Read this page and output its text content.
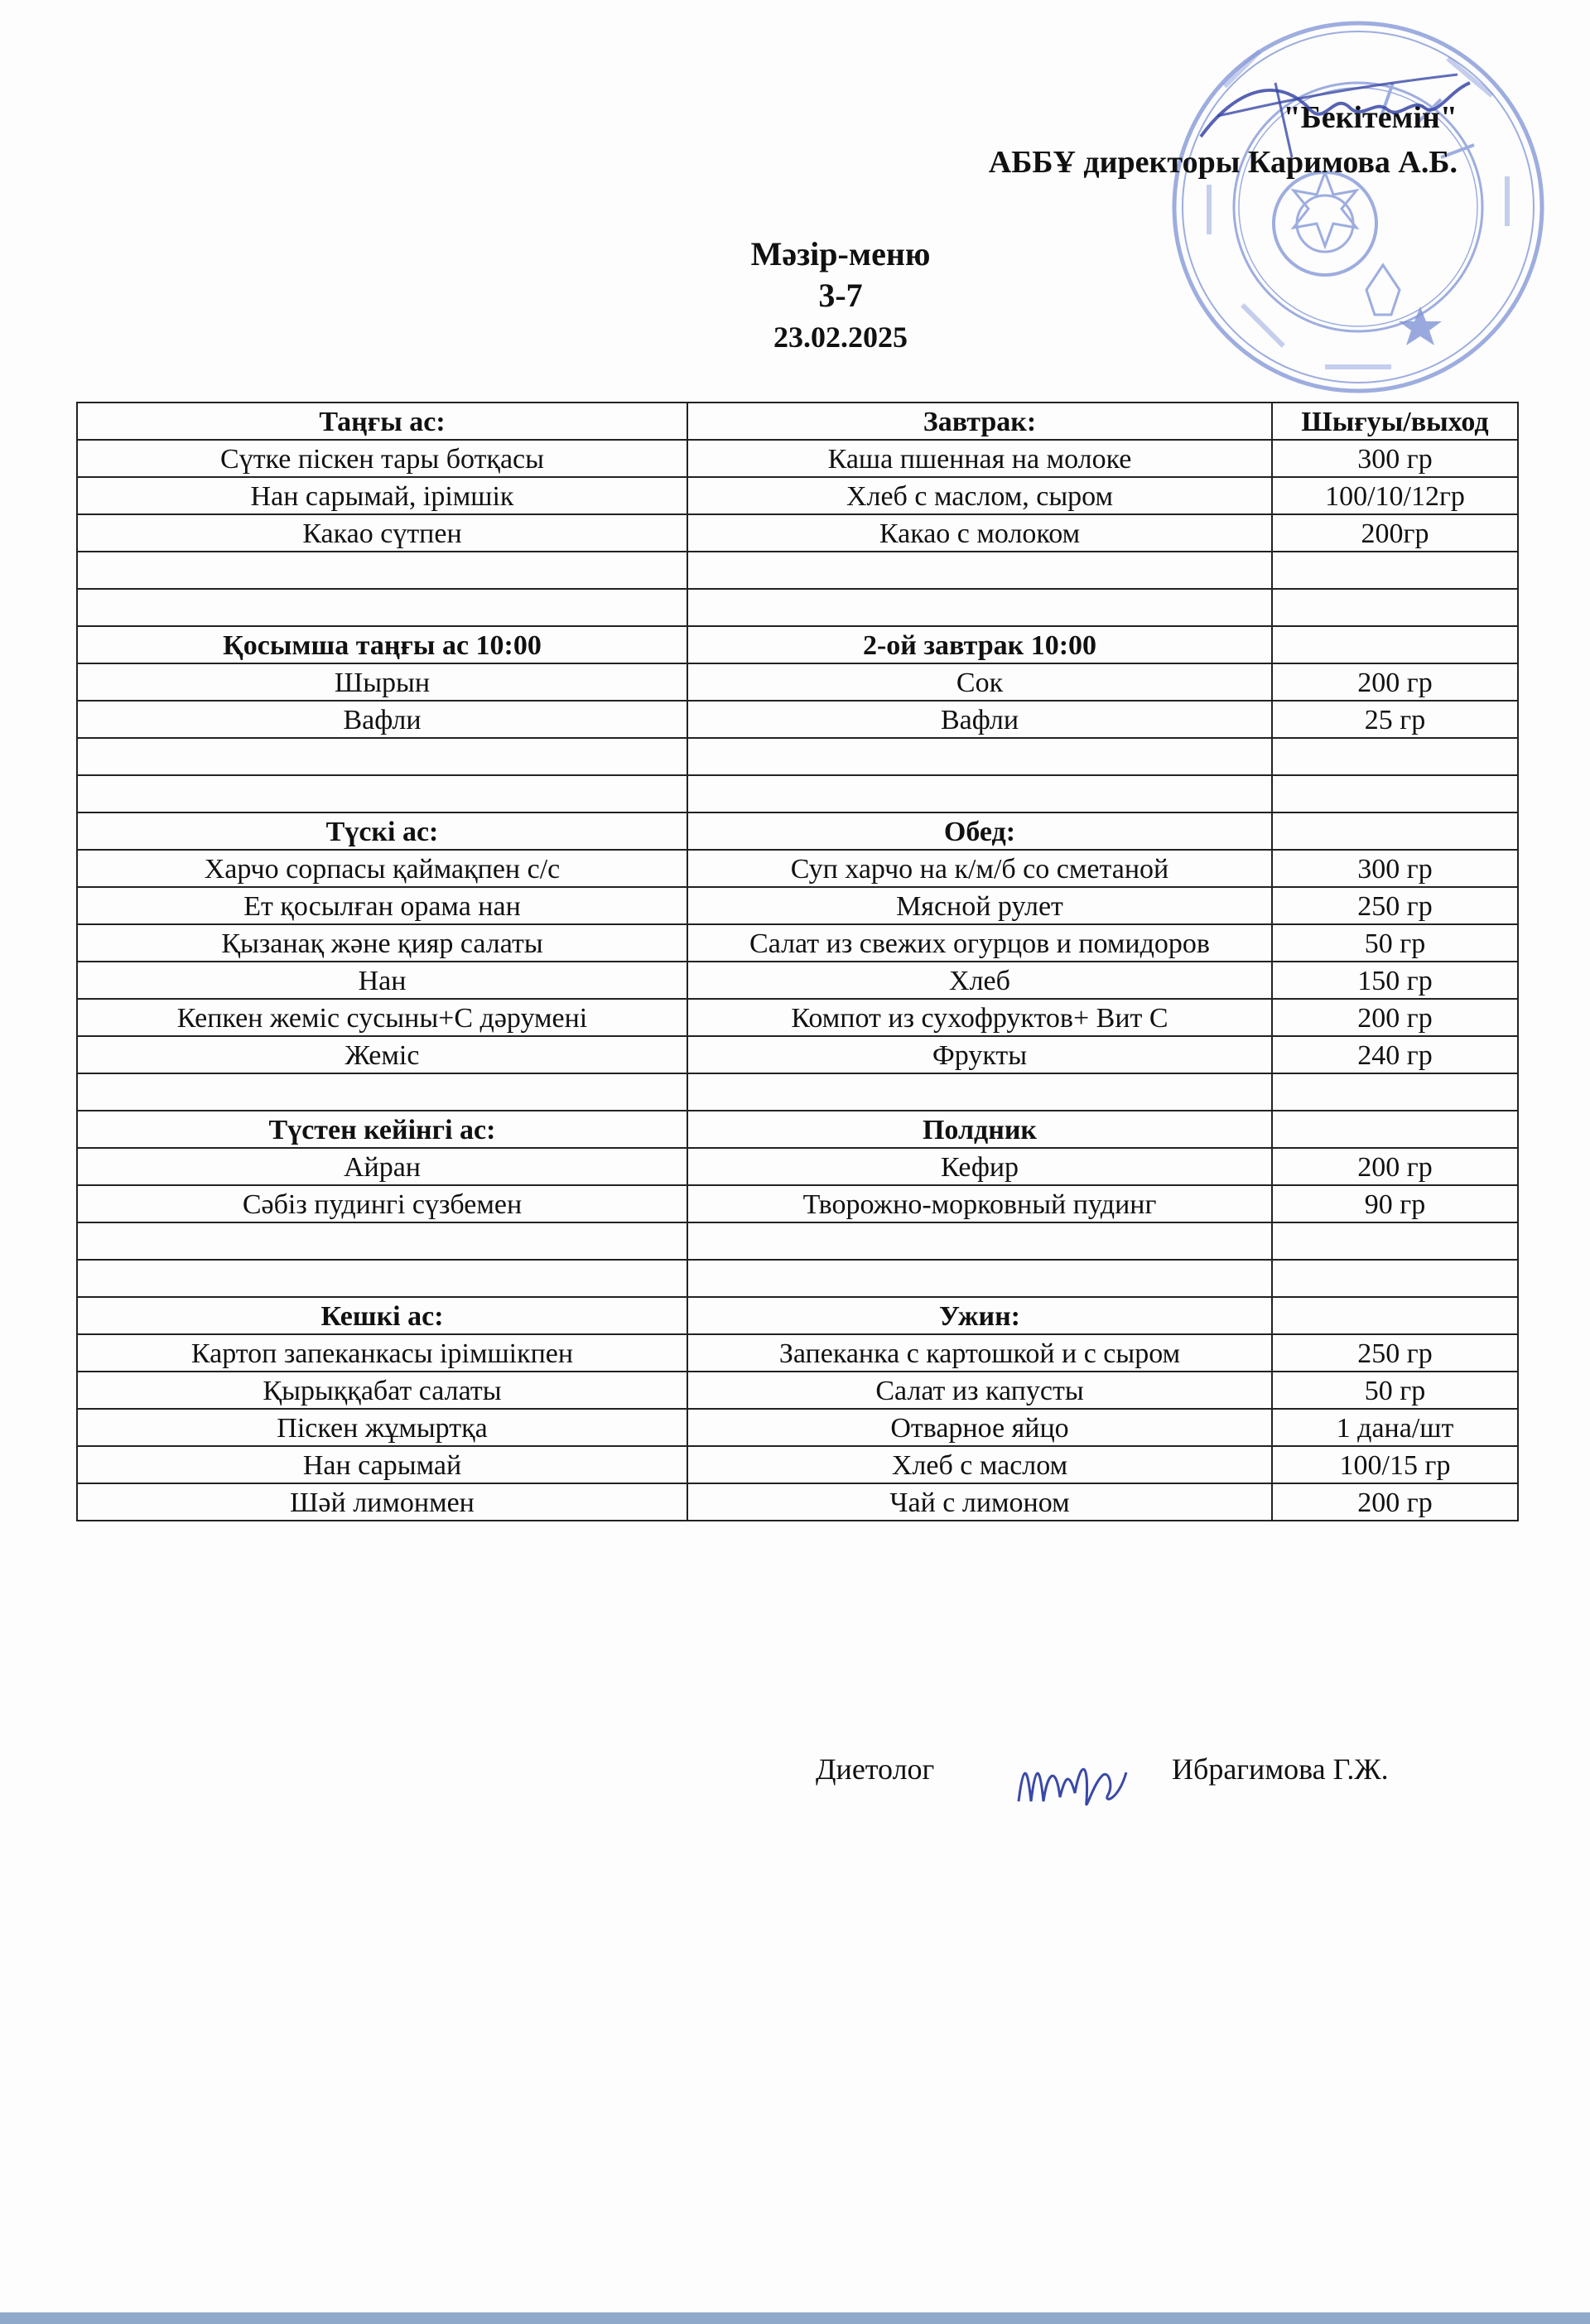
"Бекітемін"
АББҰ директоры Каримова А.Б.
Мәзір-меню
3-7
23.02.2025
Таңғы ас:	Завтрак:	Шығуы/выход
Сүтке піскен тары ботқасы	Каша пшенная на молоке	300 гр
Нан сарымай, ірімшік	Хлеб с маслом, сыром	100/10/12гр
Какао сүтпен	Какао с молоком	200гр

Қосымша таңғы ас 10:00	2-ой завтрак 10:00	
Шырын	Сок	200 гр
Вафли	Вафли	25 гр

Түскі ас:	Обед:	
Харчо сорпасы қаймақпен с/с	Суп харчо на к/м/б со сметаной	300 гр
Ет қосылған орама нан	Мясной рулет	250 гр
Қызанақ және қияр салаты	Салат из свежих огурцов и помидоров	50 гр
Нан	Хлеб	150 гр
Кепкен жеміс сусыны+С дәрумені	Компот из сухофруктов+ Вит С	200 гр
Жеміс	Фрукты	240 гр

Түстен кейінгі ас:	Полдник	
Айран	Кефир	200 гр
Сәбіз пудингі сүзбемен	Творожно-морковный пудинг	90 гр

Кешкі ас:	Ужин:	
Картоп запеканкасы ірімшікпен	Запеканка с картошкой и с сыром	250 гр
Қырыққабат салаты	Салат из капусты	50 гр
Піскен жұмыртқа	Отварное яйцо	1 дана/шт
Нан сарымай	Хлеб с маслом	100/15 гр
Шәй лимонмен	Чай с лимоном	200 гр
Диетолог	Ибрагимова Г.Ж.
